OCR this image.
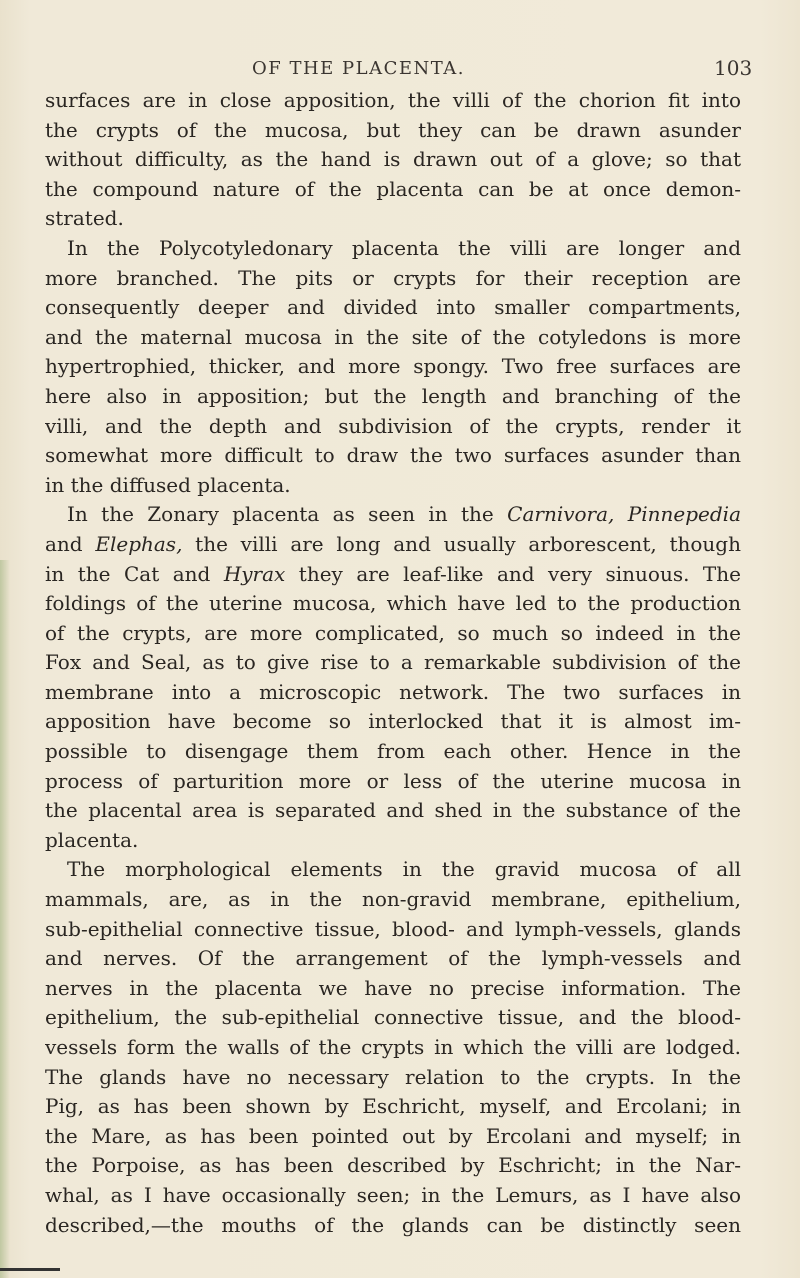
OF THE PLACENTA.	103
surfaces are in close apposition, the villi of the chorion fit into
the crypts of the mucosa, but they can be drawn asunder
without difficulty, as the hand is drawn out of a glove; so that
the compound nature of the placenta can be at once demon-
strated.
In the Polycotyledonary placenta the villi are longer and
more branched. The pits or crypts for their reception are
consequently deeper and divided into smaller compartments,
and the maternal mucosa in the site of the cotyledons is more
hypertrophied, thicker, and more spongy. Two free surfaces are
here also in apposition; but the length and branching of the
villi, and the depth and subdivision of the crypts, render it
somewhat more difficult to draw the two surfaces asunder than
in the diffused placenta.
In the Zonary placenta as seen in the Carnivora, Pinnepedia
and Elephas, the villi are long and usually arborescent, though
in the Cat and Hyrax they are leaf-like and very sinuous. The
foldings of the uterine mucosa, which have led to the production
of the crypts, are more complicated, so much so indeed in the
Fox and Seal, as to give rise to a remarkable subdivision of the
membrane into a microscopic network. The two surfaces in
apposition have become so interlocked that it is almost im-
possible to disengage them from each other. Hence in the
process of parturition more or less of the uterine mucosa in
the placental area is separated and shed in the substance of the
placenta.
The morphological elements in the gravid mucosa of all
mammals, are, as in the non-gravid membrane, epithelium,
sub-epithelial connective tissue, blood- and lymph-vessels, glands
and nerves. Of the arrangement of the lymph-vessels and
nerves in the placenta we have no precise information. The
epithelium, the sub-epithelial connective tissue, and the blood-
vessels form the walls of the crypts in which the villi are lodged.
The glands have no necessary relation to the crypts. In the
Pig, as has been shown by Eschricht, myself, and Ercolani; in
the Mare, as has been pointed out by Ercolani and myself; in
the Porpoise, as has been described by Eschricht; in the Nar-
whal, as I have occasionally seen; in the Lemurs, as I have also
described,—the mouths of the glands can be distinctly seen
